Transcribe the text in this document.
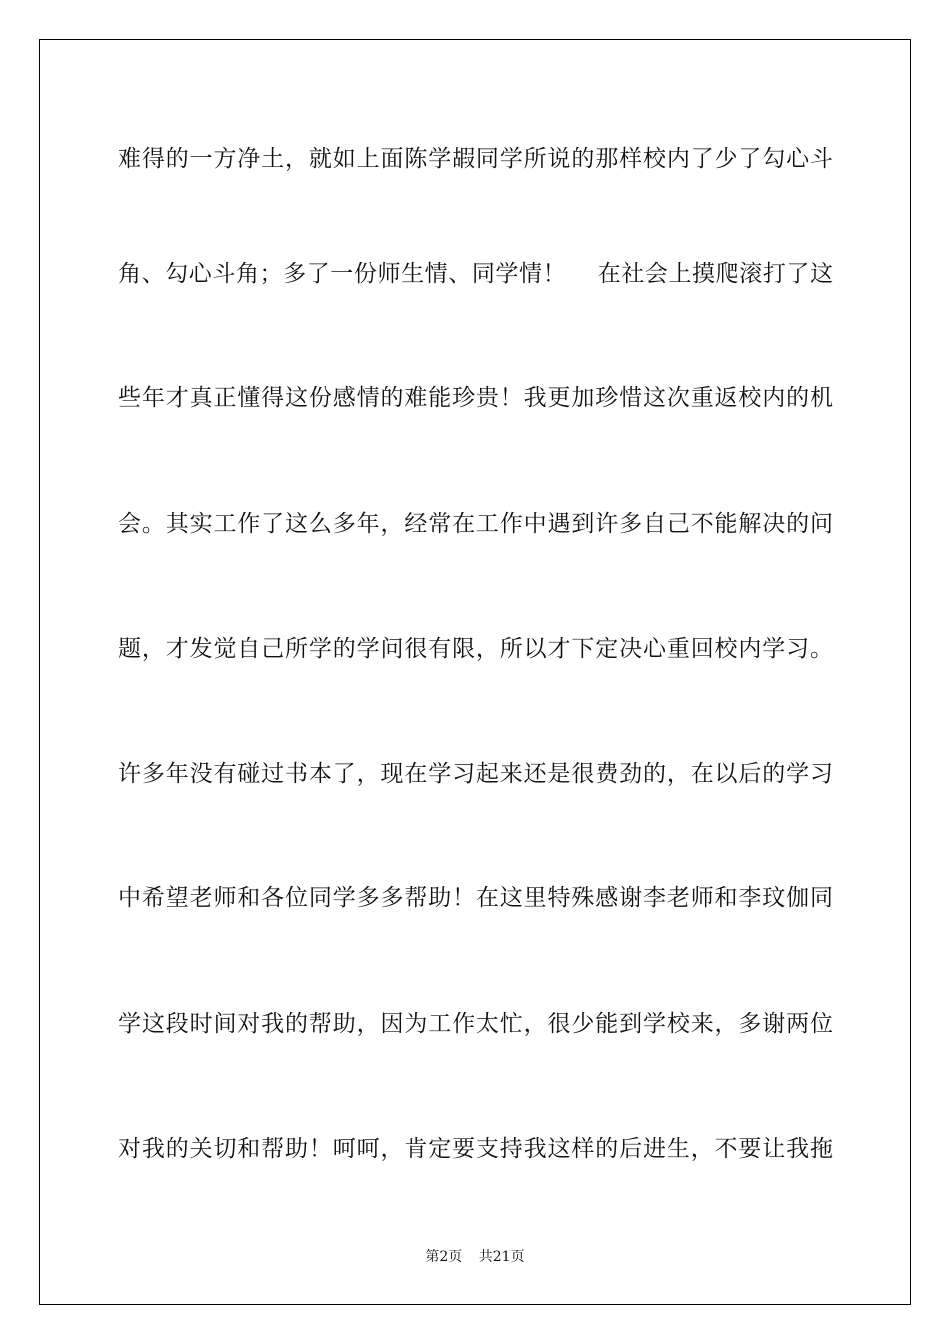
难得的一方净土，就如上面陈学嘏同学所说的那样校内了少了勾心斗
角、勾心斗角；多了一份师生情、同学情！　 在社会上摸爬滚打了这
些年才真正懂得这份感情的难能珍贵！我更加珍惜这次重返校内的机
会。其实工作了这么多年，经常在工作中遇到许多自己不能解决的问
题，才发觉自己所学的学问很有限，所以才下定决心重回校内学习。
许多年没有碰过书本了，现在学习起来还是很费劲的，在以后的学习
中希望老师和各位同学多多帮助！在这里特殊感谢李老师和李玟伽同
学这段时间对我的帮助，因为工作太忙，很少能到学校来，多谢两位
对我的关切和帮助！呵呵，肯定要支持我这样的后进生，不要让我拖
第2页 共21页
